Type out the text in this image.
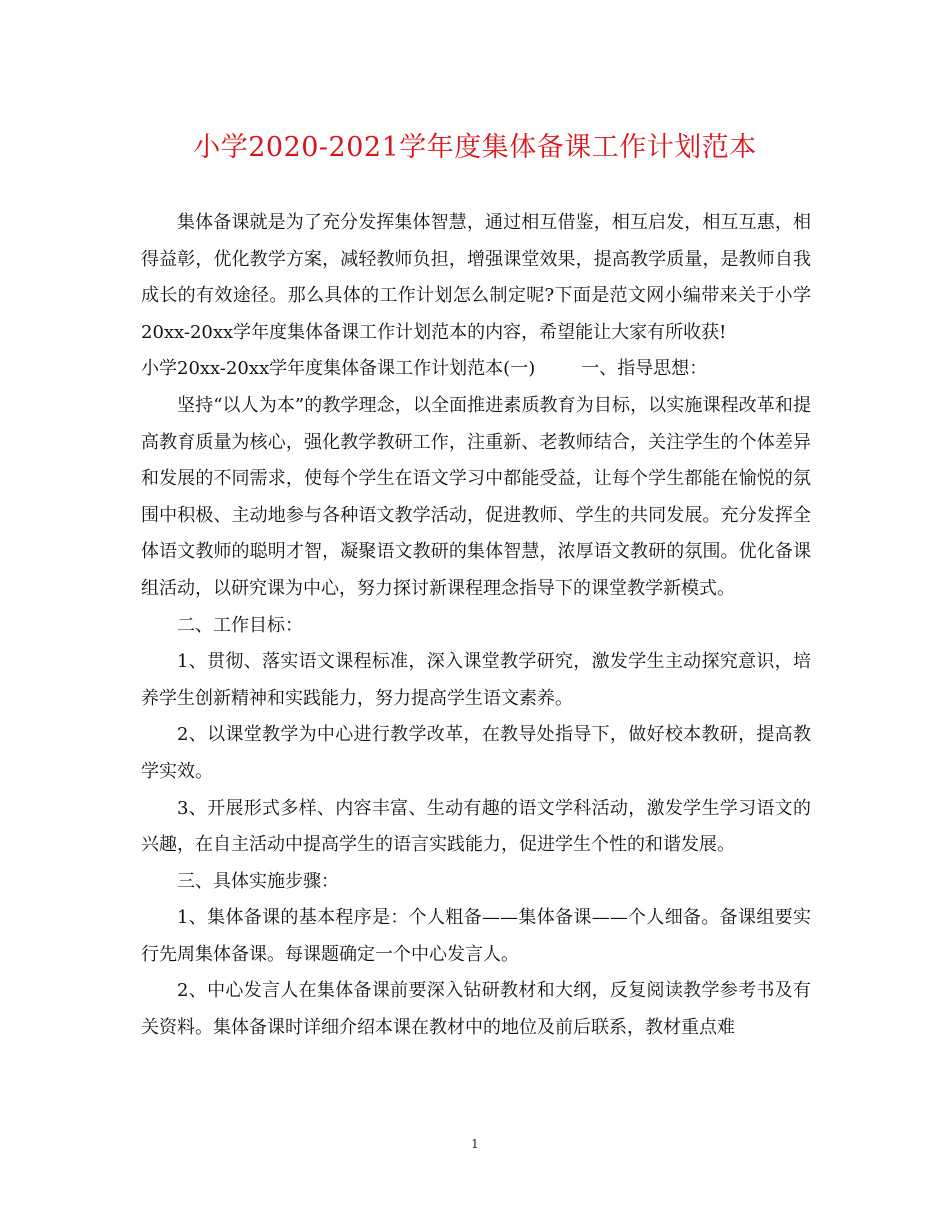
小学2020-2021学年度集体备课工作计划范本

集体备课就是为了充分发挥集体智慧，通过相互借鉴，相互启发，相互互惠，相得益彰，优化教学方案，减轻教师负担，增强课堂效果，提高教学质量，是教师自我成长的有效途径。那么具体的工作计划怎么制定呢?下面是范文网小编带来关于小学20xx-20xx学年度集体备课工作计划范本的内容，希望能让大家有所收获!

小学20xx-20xx学年度集体备课工作计划范本(一)	一、指导思想：

坚持“以人为本”的教学理念，以全面推进素质教育为目标，以实施课程改革和提高教育质量为核心，强化教学教研工作，注重新、老教师结合，关注学生的个体差异和发展的不同需求，使每个学生在语文学习中都能受益，让每个学生都能在愉悦的氛围中积极、主动地参与各种语文教学活动，促进教师、学生的共同发展。充分发挥全体语文教师的聪明才智，凝聚语文教研的集体智慧，浓厚语文教研的氛围。优化备课组活动，以研究课为中心，努力探讨新课程理念指导下的课堂教学新模式。

二、工作目标：

1、贯彻、落实语文课程标准，深入课堂教学研究，激发学生主动探究意识，培养学生创新精神和实践能力，努力提高学生语文素养。

2、以课堂教学为中心进行教学改革，在教导处指导下，做好校本教研，提高教学实效。

3、开展形式多样、内容丰富、生动有趣的语文学科活动，激发学生学习语文的兴趣，在自主活动中提高学生的语言实践能力，促进学生个性的和谐发展。

三、具体实施步骤：

1、集体备课的基本程序是：个人粗备——集体备课——个人细备。备课组要实行先周集体备课。每课题确定一个中心发言人。

2、中心发言人在集体备课前要深入钻研教材和大纲，反复阅读教学参考书及有关资料。集体备课时详细介绍本课在教材中的地位及前后联系，教材重点难

1
